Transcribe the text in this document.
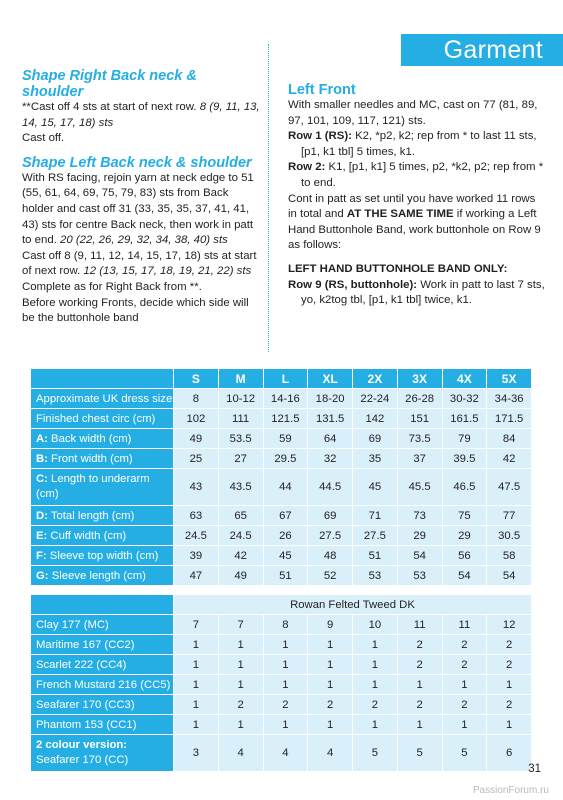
Garment
Shape Right Back neck & shoulder

**Cast off 4 sts at start of next row. 8 (9, 11, 13, 14, 15, 17, 18) sts

Cast off.

Shape Left Back neck & shoulder

With RS facing, rejoin yarn at neck edge to 51 (55, 61, 64, 69, 75, 79, 83) sts from Back holder and cast off 31 (33, 35, 35, 37, 41, 41, 43) sts for centre Back neck, then work in patt to end. 20 (22, 26, 29, 32, 34, 38, 40) sts

Cast off 8 (9, 11, 12, 14, 15, 17, 18) sts at start of next row. 12 (13, 15, 17, 18, 19, 21, 22) sts

Complete as for Right Back from **.

Before working Fronts, decide which side will be the buttonhole band

Left Front

With smaller needles and MC, cast on 77 (81, 89, 97, 101, 109, 117, 121) sts.

Row 1 (RS): K2, *p2, k2; rep from * to last 11 sts, [p1, k1 tbl] 5 times, k1.

Row 2: K1, [p1, k1] 5 times, p2, *k2, p2; rep from * to end.

Cont in patt as set until you have worked 11 rows in total and AT THE SAME TIME if working a Left Hand Buttonhole Band, work buttonhole on Row 9 as follows:

LEFT HAND BUTTONHOLE BAND ONLY:

Row 9 (RS, buttonhole): Work in patt to last 7 sts, yo, k2tog tbl, [p1, k1 tbl] twice, k1.

	S	M	L	XL	2X	3X	4X	5X
Approximate UK dress size	8	10-12	14-16	18-20	22-24	26-28	30-32	34-36
Finished chest circ (cm)	102	111	121.5	131.5	142	151	161.5	171.5
A: Back width (cm)	49	53.5	59	64	69	73.5	79	84
B: Front width (cm)	25	27	29.5	32	35	37	39.5	42
C: Length to underarm (cm)	43	43.5	44	44.5	45	45.5	46.5	47.5
D: Total length (cm)	63	65	67	69	71	73	75	77
E: Cuff width (cm)	24.5	24.5	26	27.5	27.5	29	29	30.5
F: Sleeve top width (cm)	39	42	45	48	51	54	56	58
G: Sleeve length (cm)	47	49	51	52	53	53	54	54

	Rowan Felted Tweed DK							
Clay 177 (MC)	7	7	8	9	10	11	11	12
Maritime 167 (CC2)	1	1	1	1	1	2	2	2
Scarlet 222 (CC4)	1	1	1	1	1	2	2	2
French Mustard 216 (CC5)	1	1	1	1	1	1	1	1
Seafarer 170 (CC3)	1	2	2	2	2	2	2	2
Phantom 153 (CC1)	1	1	1	1	1	1	1	1
2 colour version:
Seafarer 170 (CC)	3	4	4	4	5	5	5	6
31
PassionForum.ru
